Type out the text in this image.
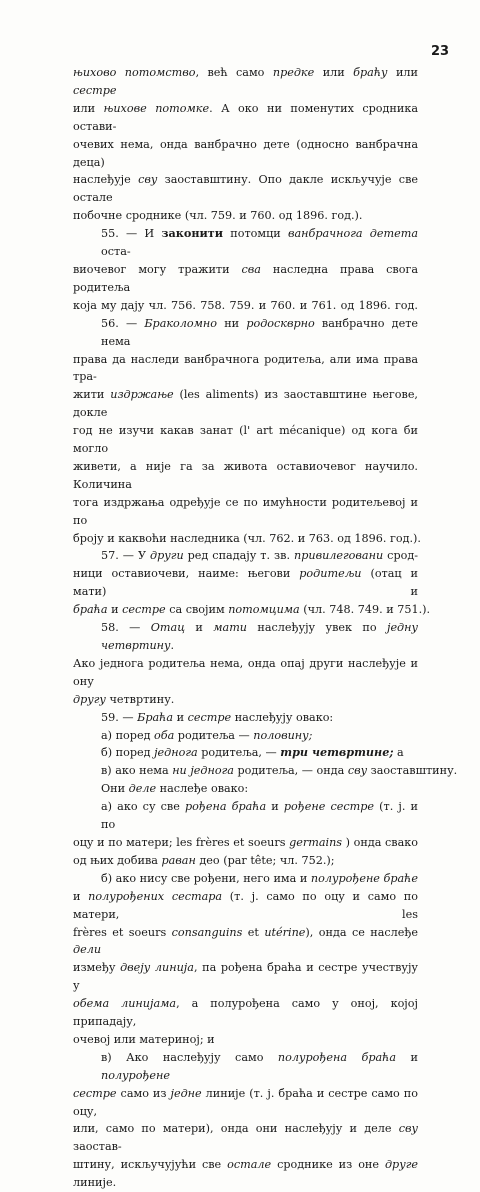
23
њихово потомство‚ већ само предке или браћу или сестре
или њихове потомке. А око ни поменутих сродника остави-
очевих нема, онда ванбрачно дете (односно ванбрачна деца)
наслеђује сву заоставштину. Опо дакле искључује све остале
побочне сроднике (чл. 759. и 760. од 1896. год.).
55. — И законити потомци ванбрачнога детета оста-
виочевог могу тражити сва наследна права свога родитеља
која му дају чл. 756. 758. 759. и 760. и 761. од 1896. год.
56. — Браколомно ни родоскврно ванбрачно дете нема
права да наследи ванбрачнога родитеља, али има права тра-
жити издржање (les aliments) из заоставштине његове, докле
год не изучи какав занат (l' art mécanique) од кога би могло
живети, а није га за живота оставиочевог научило. Количина
тога издржања одређује се по имућности родитељевој и по
броју и каквоћи наследника (чл. 762. и 763. од 1896. год.).
57. — У други ред спадају т. зв. привилеговани срод-
ници оставиочеви, наиме: његови родитељи (отац и мати) и
браћа и сестре са својим потомцима (чл. 748. 749. и 751.).
58. — Отац и мати наслеђују увек по једну четвртину.
Ако једнога родитеља нема, онда опај други наслеђује и ону
другу четвртину.
59. — Браћа и сестре наслеђују овако:
а) поред оба родитеља — половину;
б) поред једнога родитеља, — три четвртине; а
в) ако нема ни једнога родитеља, — онда сву заоставштину.
Они деле наслеђе овако:
а) ако су све рођена браћа и рођене сестре (т. ј. и по
оцу и по матери; les frères et soeurs germains ) онда свако
од њих добива раван део (par tête; чл. 752.);
б) ако нису све рођени, него има и полурођене браће
и полурођених сестара (т. ј. само по оцу и само по матери, les
frères et soeurs consanguins et utérine), онда се наслеђе дели
између двеју линија, па рођена браћа и сестре учествују у
обема линијама, а полурођена само у оној, којој припадају,
очевој или материној; и
в) Ако наслеђују само полурођена браћа и полурођене
сестре само из једне линије (т. ј. браћа и сестре само по оцу,
или, само по матери), онда они наслеђују и деле сву заостав-
штину, искључујући све остале сроднике из оне друге
линије.
